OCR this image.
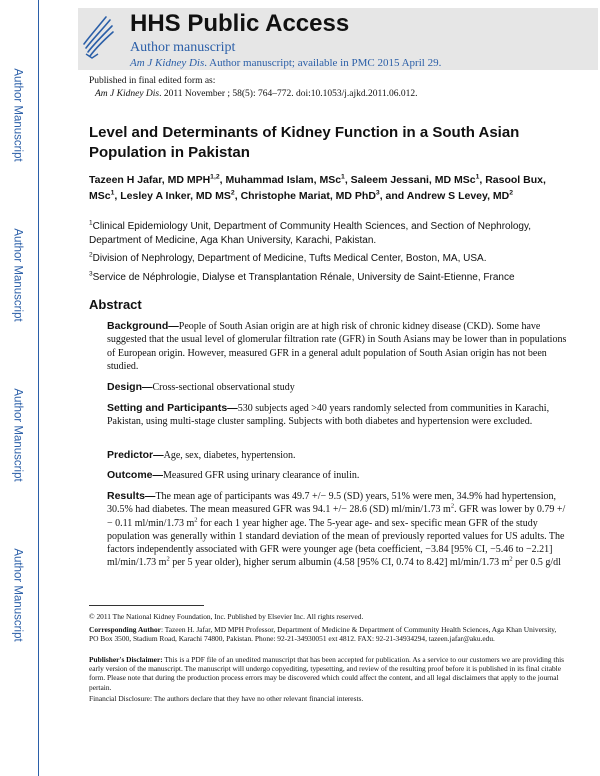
Author Manuscript
Author Manuscript
Author Manuscript
Author Manuscript
HHS Public Access
Author manuscript
Am J Kidney Dis. Author manuscript; available in PMC 2015 April 29.
Published in final edited form as:
Am J Kidney Dis. 2011 November ; 58(5): 764–772. doi:10.1053/j.ajkd.2011.06.012.
Level and Determinants of Kidney Function in a South Asian Population in Pakistan
Tazeen H Jafar, MD MPH$^{1,2}$, Muhammad Islam, MSc$^1$, Saleem Jessani, MD MSc$^1$, Rasool Bux, MSc$^1$, Lesley A Inker, MD $MS^2$, Christophe Mariat, MD PhD$^3$, and Andrew S Levey, $MD^2$
$^1$Clinical Epidemiology Unit, Department of Community Health Sciences, and Section of Nephrology, Department of Medicine, Aga Khan University, Karachi, Pakistan.
$^2$Division of Nephrology, Department of Medicine, Tufts Medical Center, Boston, MA, USA.
$^3$Service de Néphrologie, Dialyse et Transplantation Rénale, University de Saint-Etienne, France
Abstract
Background—People of South Asian origin are at high risk of chronic kidney disease (CKD). Some have suggested that the usual level of glomerular filtration rate (GFR) in South Asians may be lower than in populations of European origin. However, measured GFR in a general adult population of South Asian origin has not been studied.
Design—Cross-sectional observational study
Setting and Participants—530 subjects aged >40 years randomly selected from communities in Karachi, Pakistan, using multi-stage cluster sampling. Subjects with both diabetes and hypertension were excluded.
Predictor—Age, sex, diabetes, hypertension.
Outcome—Measured GFR using urinary clearance of inulin.
Results—The mean age of participants was 49.7 +/− 9.5 (SD) years, 51% were men, 34.9% had hypertension, 30.5% had diabetes. The mean measured GFR was 94.1 +/− 28.6 (SD) ml/min/1.73 $m^2$. GFR was lower by 0.79 +/− 0.11 ml/min/1.73 $m^2$ for each 1 year higher age. The 5-year age- and sex- specific mean GFR of the study population was generally within 1 standard deviation of the mean of previously reported values for US adults. The factors independently associated with GFR were younger age (beta coefficient, −3.84 [95% CI, −5.46 to −2.21] ml/min/1.73 $m^2$ per 5 year older), higher serum albumin (4.58 [95% CI, 0.74 to 8.42] ml/min/1.73 $m^2$ per 0.5 g/dl
© 2011 The National Kidney Foundation, Inc. Published by Elsevier Inc. All rights reserved.
Corresponding Author: Tazeen H. Jafar, MD MPH Professor, Department of Medicine & Department of Community Health Sciences, Aga Khan University, PO Box 3500, Stadium Road, Karachi 74800, Pakistan. Phone: 92-21-34930051 ext 4812. FAX: 92-21-34934294, tazeen.jafar@aku.edu.
Publisher's Disclaimer: This is a PDF file of an unedited manuscript that has been accepted for publication. As a service to our customers we are providing this early version of the manuscript. The manuscript will undergo copyediting, typesetting, and review of the resulting proof before it is published in its final citable form. Please note that during the production process errors may be discovered which could affect the content, and all legal disclaimers that apply to the journal pertain.
Financial Disclosure: The authors declare that they have no other relevant financial interests.
